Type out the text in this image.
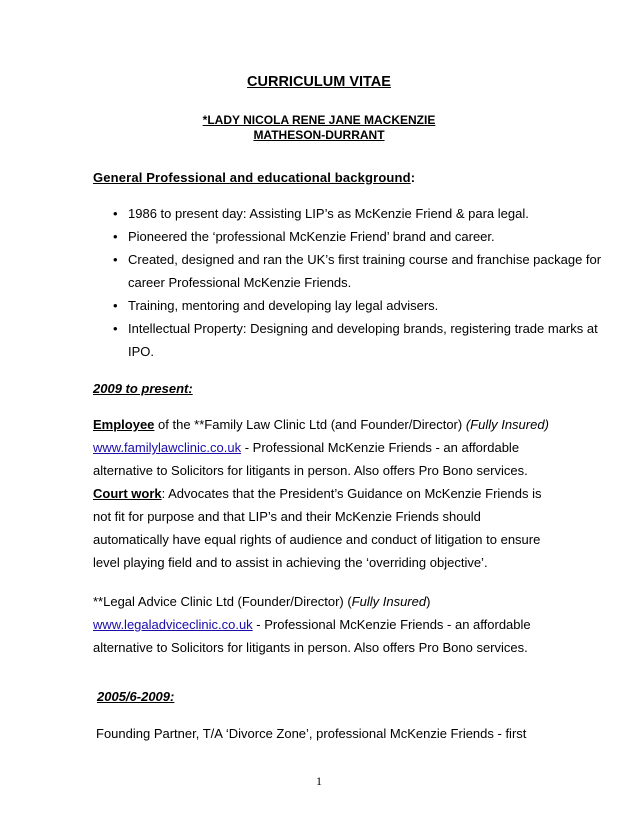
CURRICULUM VITAE
*LADY NICOLA RENE JANE MACKENZIE
MATHESON-DURRANT
General Professional and educational background:
• 1986 to present day: Assisting LIP’s as McKenzie Friend & para legal.
• Pioneered the ‘professional McKenzie Friend’ brand and career.
• Created, designed and ran the UK’s first training course and franchise package for career Professional McKenzie Friends.
• Training, mentoring and developing lay legal advisers.
• Intellectual Property: Designing and developing brands, registering trade marks at IPO.
2009 to present:
Employee of the **Family Law Clinic Ltd (and Founder/Director) (Fully Insured)
www.familylawclinic.co.uk - Professional McKenzie Friends - an affordable alternative to Solicitors for litigants in person. Also offers Pro Bono services.
Court work: Advocates that the President’s Guidance on McKenzie Friends is not fit for purpose and that LIP’s and their McKenzie Friends should automatically have equal rights of audience and conduct of litigation to ensure level playing field and to assist in achieving the ‘overriding objective’.
**Legal Advice Clinic Ltd (Founder/Director) (Fully Insured)
www.legaladviceclinic.co.uk - Professional McKenzie Friends - an affordable alternative to Solicitors for litigants in person. Also offers Pro Bono services.
2005/6-2009:
Founding Partner, T/A ‘Divorce Zone’, professional McKenzie Friends - first
1
